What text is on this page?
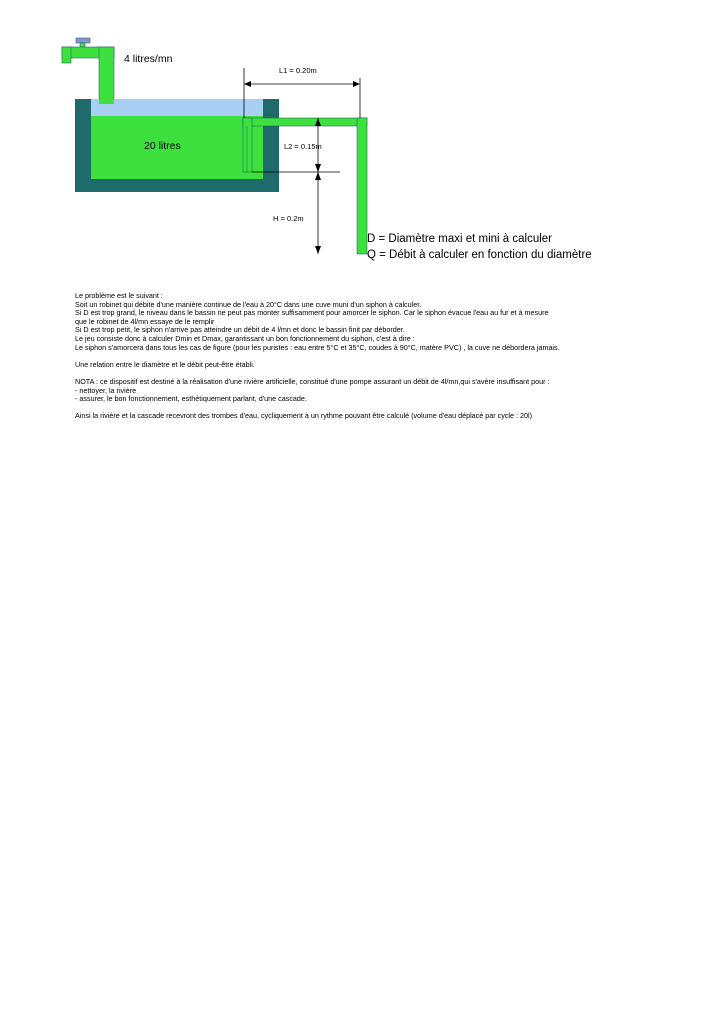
4 litres/mn
20 litres
L1 = 0.20m
L2 = 0.15m
H = 0.2m
D = Diamètre maxi et mini à calculer
Q = Débit à calculer en fonction du diamètre

Le problème est le suivant :

Soit un robinet qui débite d'une manière continue de l'eau à 20°C dans une cuve muni d'un siphon à calculer.

Si D est trop grand, le niveau dans le bassin ne peut pas monter suffisamment pour amorcer le siphon. Car le siphon évacue l'eau au fur et à mesure

que le robinet de 4l/mn essaye de le remplir

Si D est trop petit, le siphon n'arrive pas atteindre un débit de 4 l/mn et donc le bassin finit par déborder.

Le jeu consiste donc à calculer Dmin et Dmax, garantissant un bon fonctionnement du siphon, c'est à dire :

Le siphon s'amorcera dans tous les cas de figure (pour les puristes : eau entre 5°C et 35°C, coudes à 90°C, matère PVC) , la cuve ne débordera jamais.

Une relation entre le diamètre et le débit peut-être établi.

NOTA : ce dispositif est destiné à la réalisation d'une rivière artificielle, constitué d'une pompe assurant un débit de 4l/mn,qui s'avère insuffisant pour :

- nettoyer, la rivière

- assurer, le bon fonctionnement, esthétiquement parlant, d'une cascade.

Ainsi la rivière et la cascade recevront des trombes d'eau, cycliquement à un rythme pouvant être calculé (volume d'eau déplacé par cycle : 20l)
